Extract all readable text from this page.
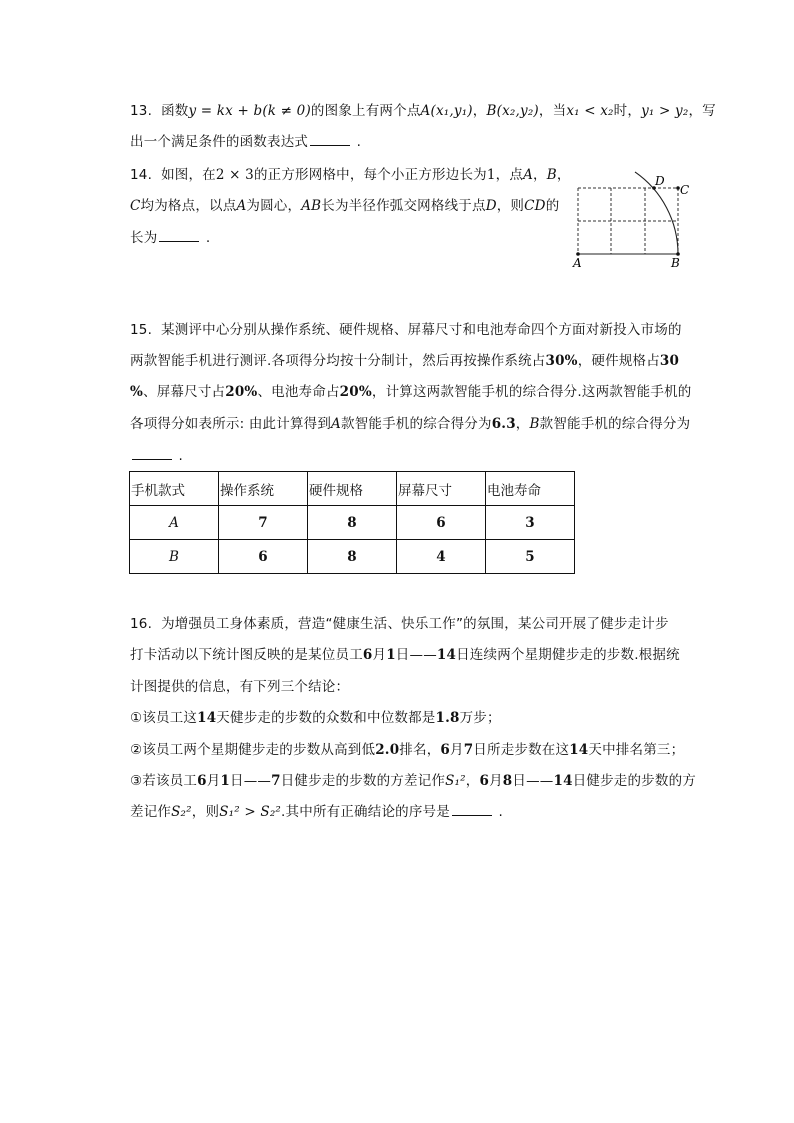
13. 函数y = kx + b(k ≠ 0)的图象上有两个点A(x₁,y₁)，B(x₂,y₂)，当x₁ < x₂时，y₁ > y₂，写
出一个满足条件的函数表达式	.
14. 如图，在2 × 3的正方形网格中，每个小正方形边长为1，点A，B，
C均为格点，以点A为圆心，AB长为半径作弧交网格线于点D，则CD的
长为	.
A	B
C
D
15. 某测评中心分别从操作系统、硬件规格、屏幕尺寸和电池寿命四个方面对新投入市场的
两款智能手机进行测评.各项得分均按十分制计，然后再按操作系统占30%，硬件规格占30
%、屏幕尺寸占20%、电池寿命占20%，计算这两款智能手机的综合得分.这两款智能手机的
各项得分如表所示: 由此计算得到A款智能手机的综合得分为6.3，B款智能手机的综合得分为
.
手机款式	操作系统	硬件规格	屏幕尺寸	电池寿命
A	7	8	6	3
B	6	8	4	5
16. 为增强员工身体素质，营造“健康生活、快乐工作”的氛围，某公司开展了健步走计步
打卡活动以下统计图反映的是某位员工6月1日——14日连续两个星期健步走的步数.根据统
计图提供的信息，有下列三个结论：
①该员工这14天健步走的步数的众数和中位数都是1.8万步；
②该员工两个星期健步走的步数从高到低2.0排名，6月7日所走步数在这14天中排名第三；
③若该员工6月1日——7日健步走的步数的方差记作S₁²，6月8日——14日健步走的步数的方
差记作S₂²，则S₁² > S₂².其中所有正确结论的序号是	.
